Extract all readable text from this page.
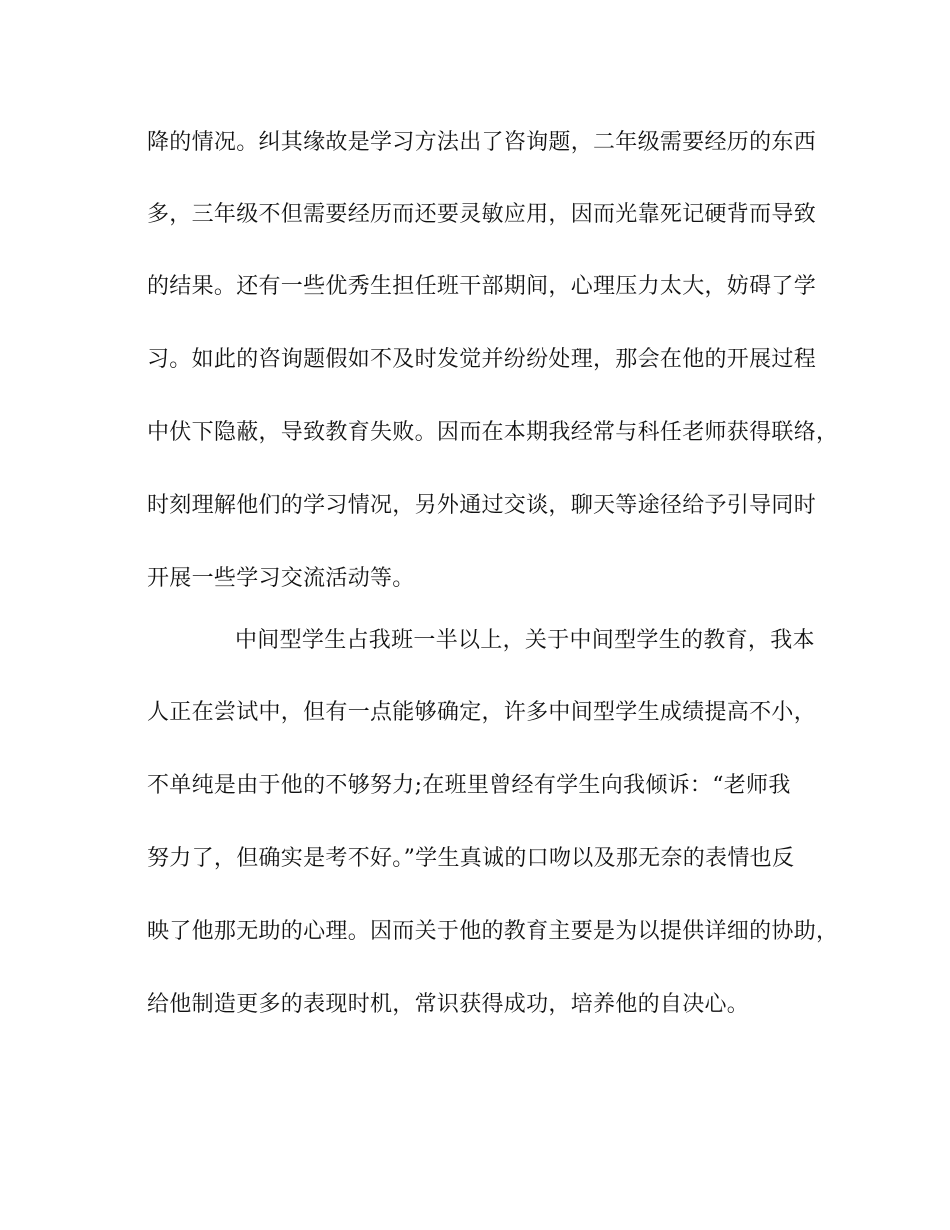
降的情况。纠其缘故是学习方法出了咨询题，二年级需要经历的东西
多，三年级不但需要经历而还要灵敏应用，因而光靠死记硬背而导致
的结果。还有一些优秀生担任班干部期间，心理压力太大，妨碍了学
习。如此的咨询题假如不及时发觉并纷纷处理，那会在他的开展过程
中伏下隐蔽，导致教育失败。因而在本期我经常与科任老师获得联络，
时刻理解他们的学习情况，另外通过交谈，聊天等途径给予引导同时
开展一些学习交流活动等。
中间型学生占我班一半以上，关于中间型学生的教育，我本
人正在尝试中，但有一点能够确定，许多中间型学生成绩提高不小，
不单纯是由于他的不够努力;在班里曾经有学生向我倾诉：“老师我
努力了，但确实是考不好。”学生真诚的口吻以及那无奈的表情也反
映了他那无助的心理。因而关于他的教育主要是为以提供详细的协助，
给他制造更多的表现时机，常识获得成功，培养他的自决心。
